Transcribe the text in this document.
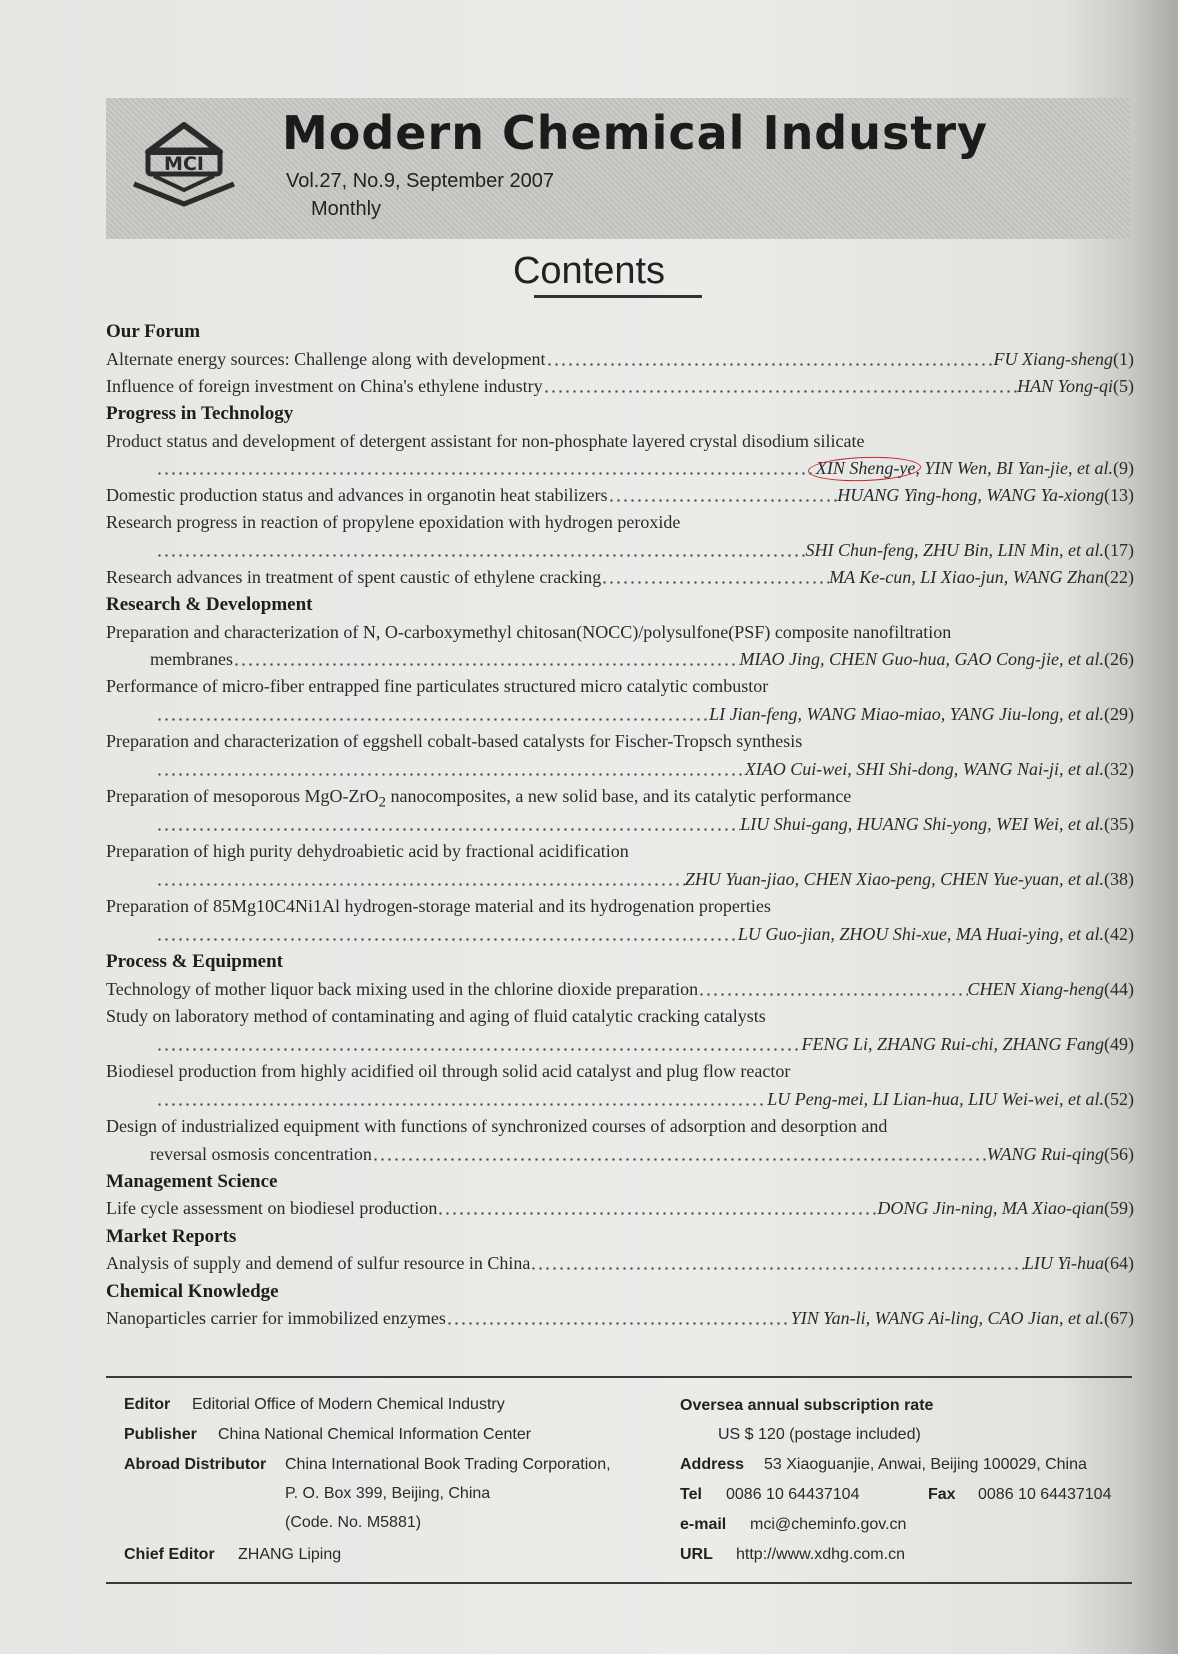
MCI
Modern Chemical Industry
Vol.27, No.9, September 2007
Monthly
Contents
Our Forum
Alternate energy sources: Challenge along with development	FU Xiang-sheng(1)
Influence of foreign investment on China's ethylene industry	HAN Yong-qi(5)
Progress in Technology
Product status and development of detergent assistant for non-phosphate layered crystal disodium silicate
XIN Sheng-ye, YIN Wen, BI Yan-jie, et al.(9)
Domestic production status and advances in organotin heat stabilizers	HUANG Ying-hong, WANG Ya-xiong(13)
Research progress in reaction of propylene epoxidation with hydrogen peroxide
SHI Chun-feng, ZHU Bin, LIN Min, et al.(17)
Research advances in treatment of spent caustic of ethylene cracking	MA Ke-cun, LI Xiao-jun, WANG Zhan(22)
Research & Development
Preparation and characterization of N, O-carboxymethyl chitosan(NOCC)/polysulfone(PSF) composite nanofiltration
membranes	MIAO Jing, CHEN Guo-hua, GAO Cong-jie, et al.(26)
Performance of micro-fiber entrapped fine particulates structured micro catalytic combustor
LI Jian-feng, WANG Miao-miao, YANG Jiu-long, et al.(29)
Preparation and characterization of eggshell cobalt-based catalysts for Fischer-Tropsch synthesis
XIAO Cui-wei, SHI Shi-dong, WANG Nai-ji, et al.(32)
Preparation of mesoporous MgO-ZrO$_2$ nanocomposites, a new solid base, and its catalytic performance
LIU Shui-gang, HUANG Shi-yong, WEI Wei, et al.(35)
Preparation of high purity dehydroabietic acid by fractional acidification
ZHU Yuan-jiao, CHEN Xiao-peng, CHEN Yue-yuan, et al.(38)
Preparation of 85Mg10C4Ni1Al hydrogen-storage material and its hydrogenation properties
LU Guo-jian, ZHOU Shi-xue, MA Huai-ying, et al.(42)
Process & Equipment
Technology of mother liquor back mixing used in the chlorine dioxide preparation	CHEN Xiang-heng(44)
Study on laboratory method of contaminating and aging of fluid catalytic cracking catalysts
FENG Li, ZHANG Rui-chi, ZHANG Fang(49)
Biodiesel production from highly acidified oil through solid acid catalyst and plug flow reactor
LU Peng-mei, LI Lian-hua, LIU Wei-wei, et al.(52)
Design of industrialized equipment with functions of synchronized courses of adsorption and desorption and
reversal osmosis concentration	WANG Rui-qing(56)
Management Science
Life cycle assessment on biodiesel production	DONG Jin-ning, MA Xiao-qian(59)
Market Reports
Analysis of supply and demend of sulfur resource in China	LIU Yi-hua(64)
Chemical Knowledge
Nanoparticles carrier for immobilized enzymes	YIN Yan-li, WANG Ai-ling, CAO Jian, et al.(67)
Editor Editorial Office of Modern Chemical Industry
Publisher China National Chemical Information Center
Abroad Distributor China International Book Trading Corporation,
P. O. Box 399, Beijing, China
(Code. No. M5881)
Chief Editor ZHANG Liping
Oversea annual subscription rate
US $ 120 (postage included)
Address 53 Xiaoguanjie, Anwai, Beijing 100029, China
Tel 0086 10 64437104	Fax 0086 10 64437104
e-mail mci@cheminfo.gov.cn
URL http://www.xdhg.com.cn
